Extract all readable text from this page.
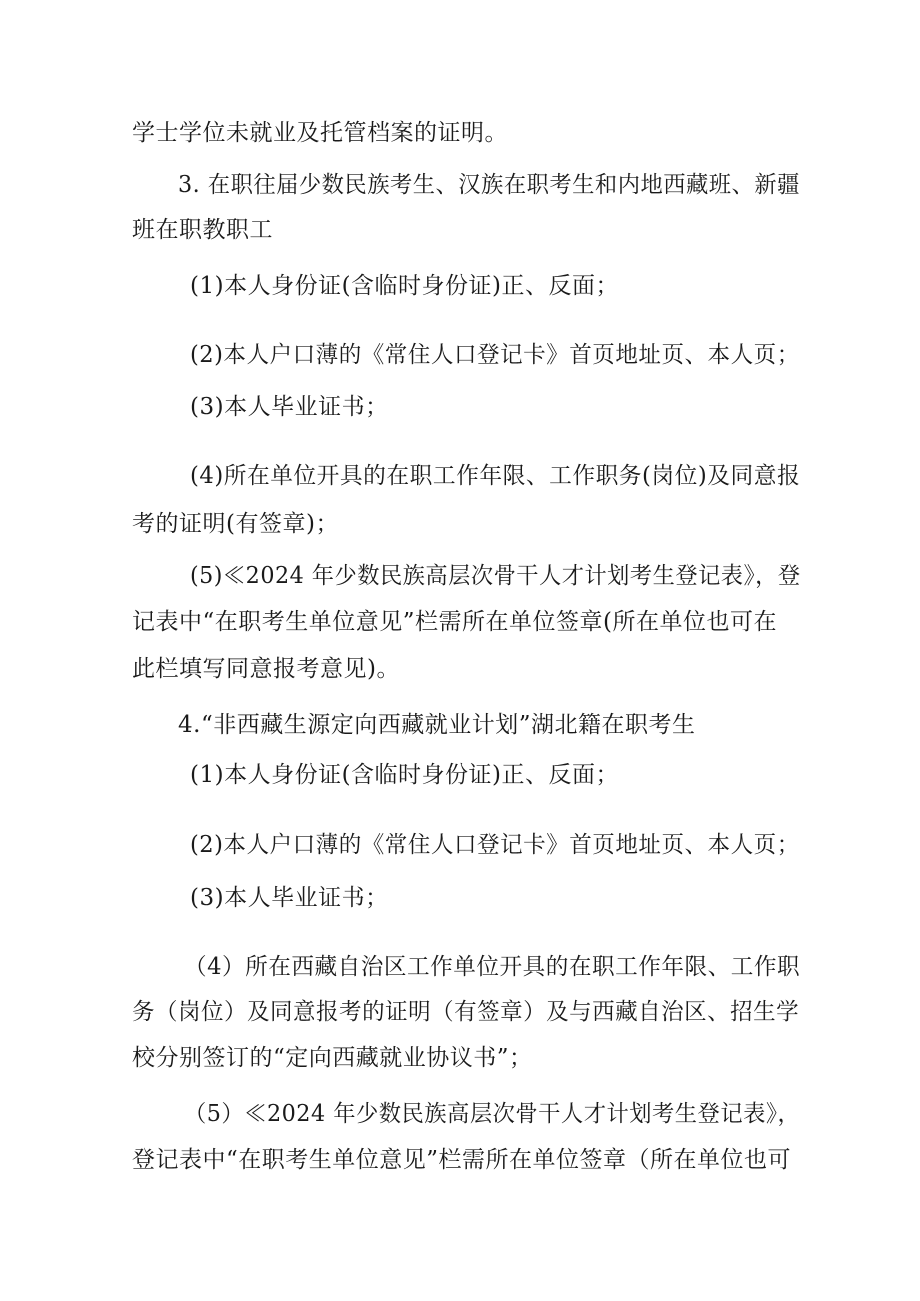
学士学位未就业及托管档案的证明。
3. 在职往届少数民族考生、汉族在职考生和内地西藏班、新疆
班在职教职工
(1)本人身份证(含临时身份证)正、反面；
(2)本人户口薄的《常住人口登记卡》首页地址页、本人页；
(3)本人毕业证书；
(4)所在单位开具的在职工作年限、工作职务(岗位)及同意报
考的证明(有签章)；
(5)≪2024 年少数民族高层次骨干人才计划考生登记表》，登
记表中“在职考生单位意见”栏需所在单位签章(所在单位也可在
此栏填写同意报考意见)。
4.“非西藏生源定向西藏就业计划”湖北籍在职考生
(1)本人身份证(含临时身份证)正、反面；
(2)本人户口薄的《常住人口登记卡》首页地址页、本人页；
(3)本人毕业证书；
（4）所在西藏自治区工作单位开具的在职工作年限、工作职
务（岗位）及同意报考的证明（有签章）及与西藏自治区、招生学
校分别签订的“定向西藏就业协议书”；
（5）≪2024 年少数民族高层次骨干人才计划考生登记表》，
登记表中“在职考生单位意见”栏需所在单位签章（所在单位也可
